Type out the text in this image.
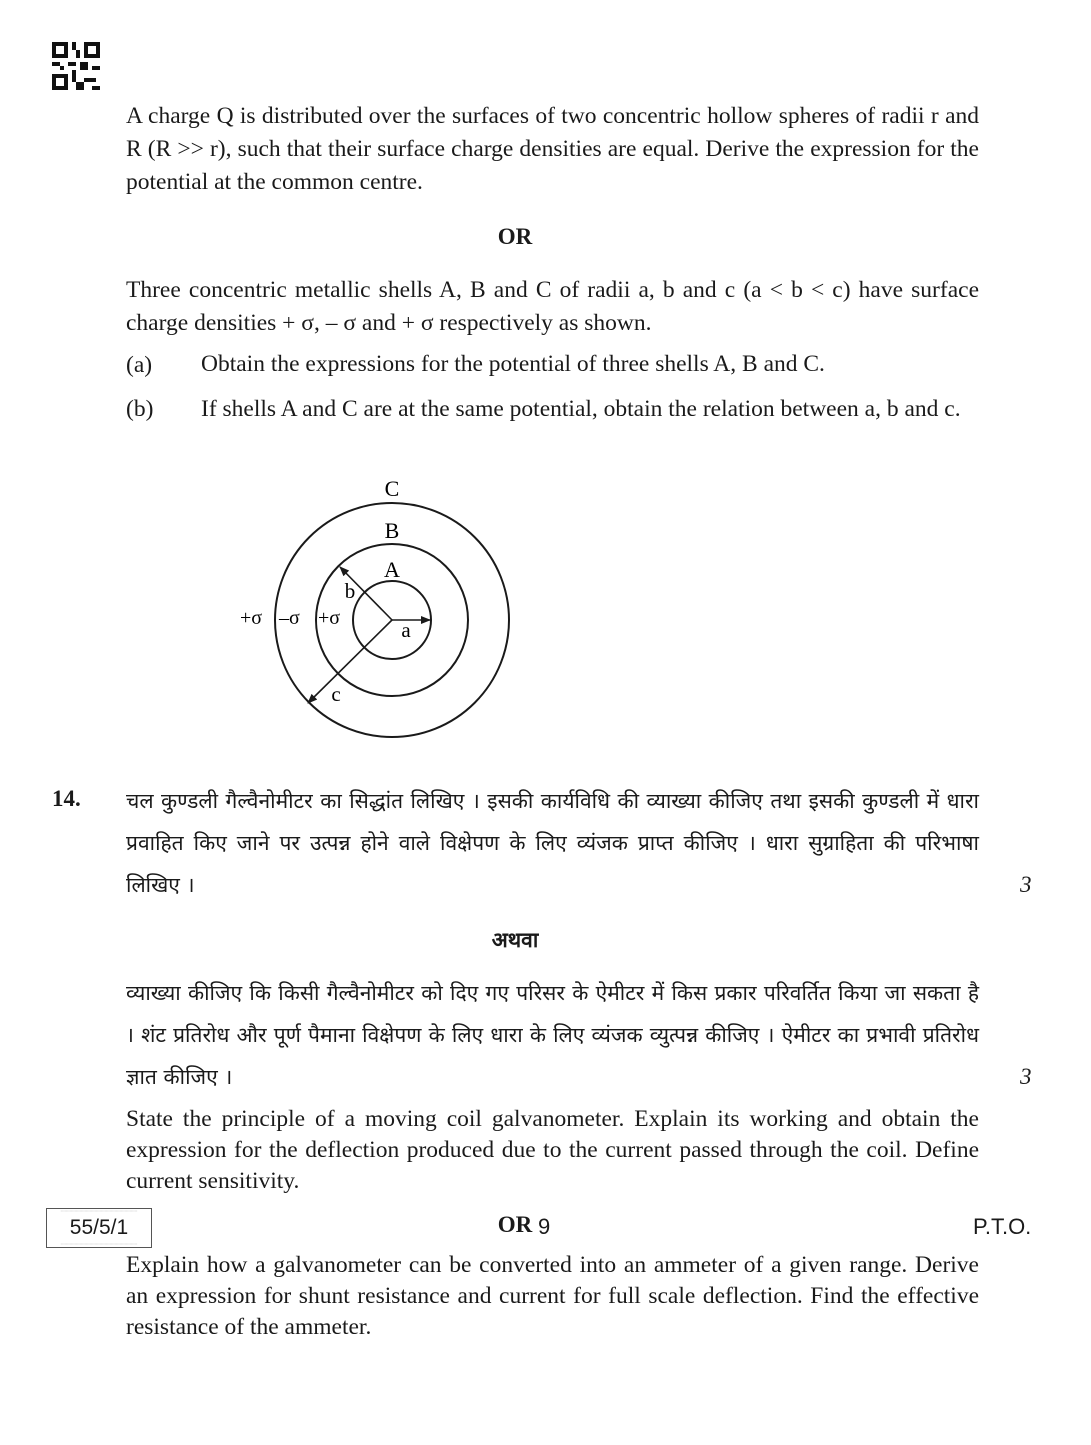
A charge Q is distributed over the surfaces of two concentric hollow spheres of radii r and R (R >> r), such that their surface charge densities are equal. Derive the expression for the potential at the common centre.
OR
Three concentric metallic shells A, B and C of radii a, b and c (a < b < c) have surface charge densities + σ, – σ and + σ respectively as shown.
(a) Obtain the expressions for the potential of three shells A, B and C.
(b) If shells A and C are at the same potential, obtain the relation between a, b and c.
C
B
A
a
b
c
+σ –σ +σ
14. चल कुण्डली गैल्वैनोमीटर का सिद्धांत लिखिए । इसकी कार्यविधि की व्याख्या कीजिए तथा इसकी कुण्डली में धारा प्रवाहित किए जाने पर उत्पन्न होने वाले विक्षेपण के लिए व्यंजक प्राप्त कीजिए । धारा सुग्राहिता की परिभाषा लिखिए ।	3
अथवा
व्याख्या कीजिए कि किसी गैल्वैनोमीटर को दिए गए परिसर के ऐमीटर में किस प्रकार परिवर्तित किया जा सकता है । शंट प्रतिरोध और पूर्ण पैमाना विक्षेपण के लिए धारा के लिए व्यंजक व्युत्पन्न कीजिए । ऐमीटर का प्रभावी प्रतिरोध ज्ञात कीजिए ।	3
State the principle of a moving coil galvanometer. Explain its working and obtain the expression for the deflection produced due to the current passed through the coil. Define current sensitivity.
OR
Explain how a galvanometer can be converted into an ammeter of a given range. Derive an expression for shunt resistance and current for full scale deflection. Find the effective resistance of the ammeter.
::::::::::::::::::::::::::::::::::::::::::::::::::::::::::::::::::::::::::::::::::::::::::::
55/5/1
::::::::::::::::::::::::::::::::::::::::::::::::::::::::::::::::::::::::::::::::::::::::::::
9	P.T.O.
